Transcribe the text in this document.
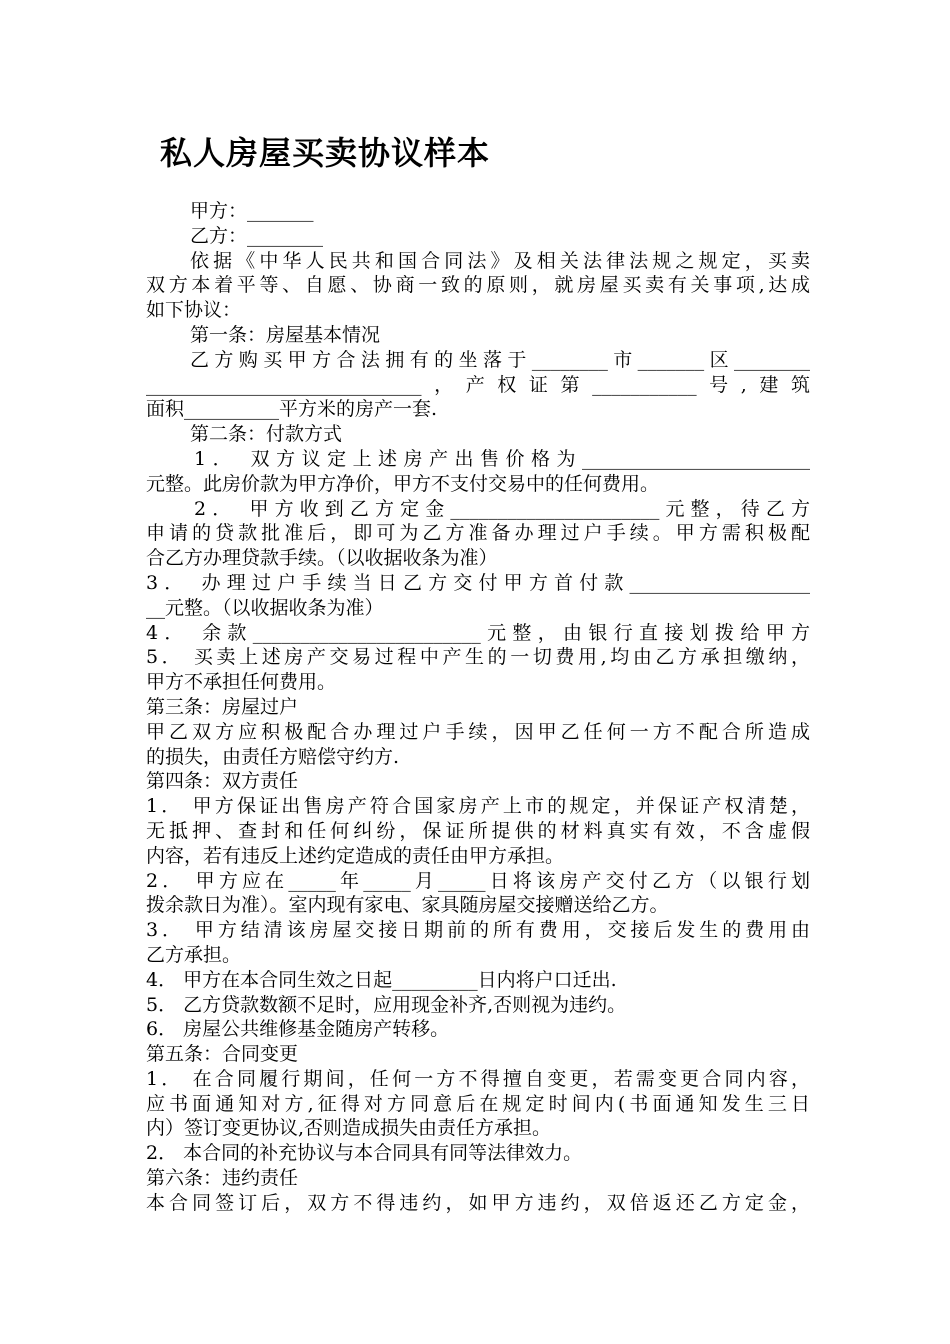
私人房屋买卖协议样本

甲方：_______

乙方：________

依据《中华人民共和国合同法》及相关法律法规之规定，买卖

双方本着平等、自愿、协商一致的原则，就房屋买卖有关事项,达成

如下协议：

第一条：房屋基本情况

乙方购买甲方合法拥有的坐落于________市_______区________

_____________________________，产权证第___________号,建筑

面积__________平方米的房产一套.

第二条：付款方式

1． 双方议定上述房产出售价格为________________________

元整。此房价款为甲方净价，甲方不支付交易中的任何费用。

2． 甲方收到乙方定金______________________元整，待乙方

申请的贷款批准后，即可为乙方准备办理过户手续。甲方需积极配

合乙方办理贷款手续。（以收据收条为准）

3． 办理过户手续当日乙方交付甲方首付款___________________

__元整。（以收据收条为准）

4． 余款________________________元整，由银行直接划拨给甲方

5． 买卖上述房产交易过程中产生的一切费用,均由乙方承担缴纳，

甲方不承担任何费用。

第三条：房屋过户

甲乙双方应积极配合办理过户手续，因甲乙任何一方不配合所造成

的损失，由责任方赔偿守约方.

第四条：双方责任

1． 甲方保证出售房产符合国家房产上市的规定，并保证产权清楚，

无抵押、查封和任何纠纷，保证所提供的材料真实有效，不含虚假

内容，若有违反上述约定造成的责任由甲方承担。

2． 甲方应在_____年_____月_____日将该房产交付乙方（以银行划

拨余款日为准）。室内现有家电、家具随房屋交接赠送给乙方。

3． 甲方结清该房屋交接日期前的所有费用，交接后发生的费用由

乙方承担。

4． 甲方在本合同生效之日起_________日内将户口迁出.

5． 乙方贷款数额不足时，应用现金补齐,否则视为违约。

6． 房屋公共维修基金随房产转移。

第五条：合同变更

1． 在合同履行期间，任何一方不得擅自变更，若需变更合同内容，

应书面通知对方,征得对方同意后在规定时间内(书面通知发生三日

内）签订变更协议,否则造成损失由责任方承担。

2． 本合同的补充协议与本合同具有同等法律效力。

第六条：违约责任

本合同签订后，双方不得违约，如甲方违约，双倍返还乙方定金，
